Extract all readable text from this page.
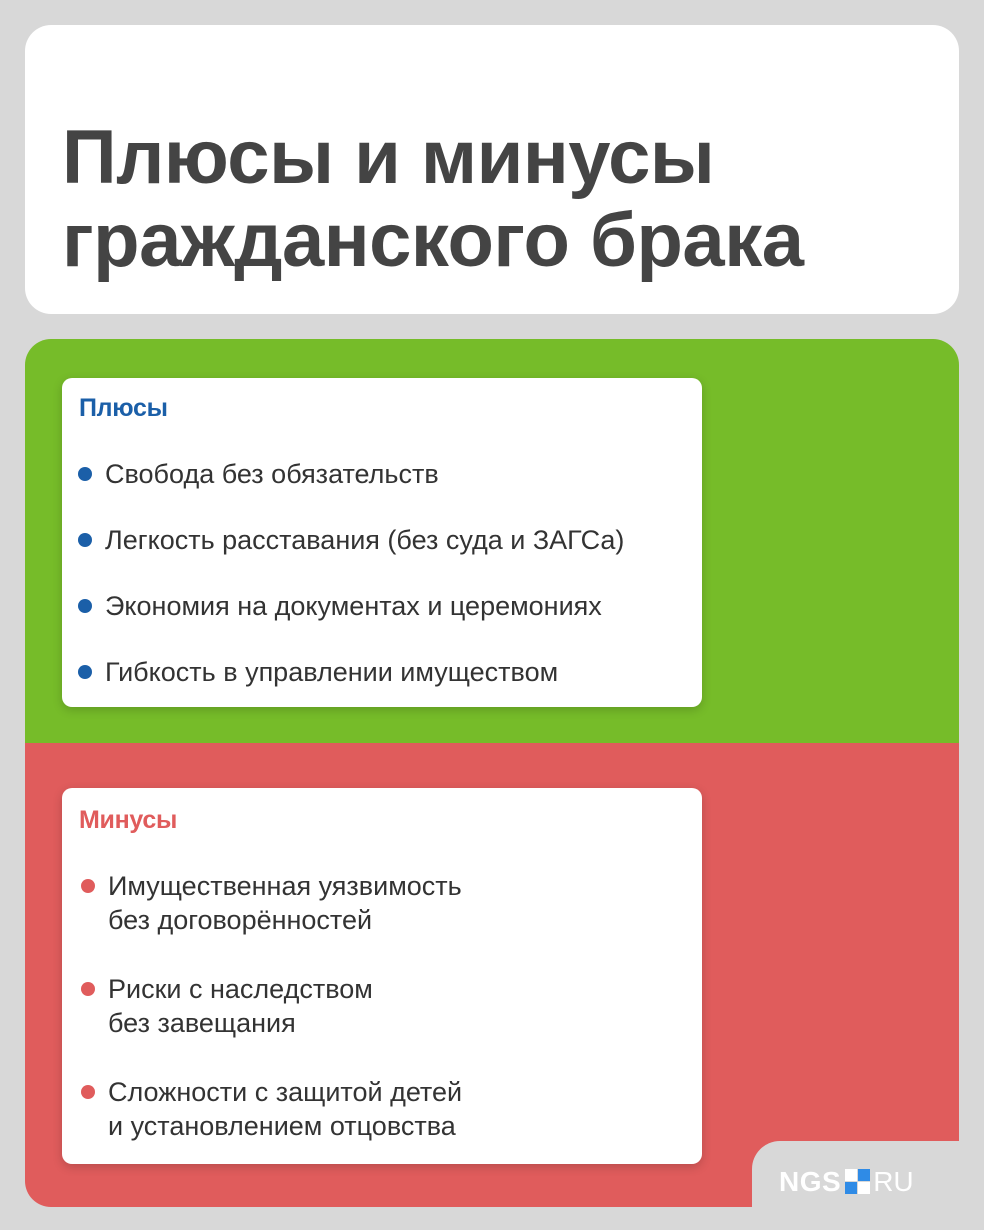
Плюсы и минусы
гражданского брака
NGS RU
Плюсы
Свобода без обязательств
Легкость расставания (без суда и ЗАГСа)
Экономия на документах и церемониях
Гибкость в управлении имуществом
Минусы
Имущественная уязвимость
без договорённостей
Риски с наследством
без завещания
Сложности с защитой детей
и установлением отцовства
